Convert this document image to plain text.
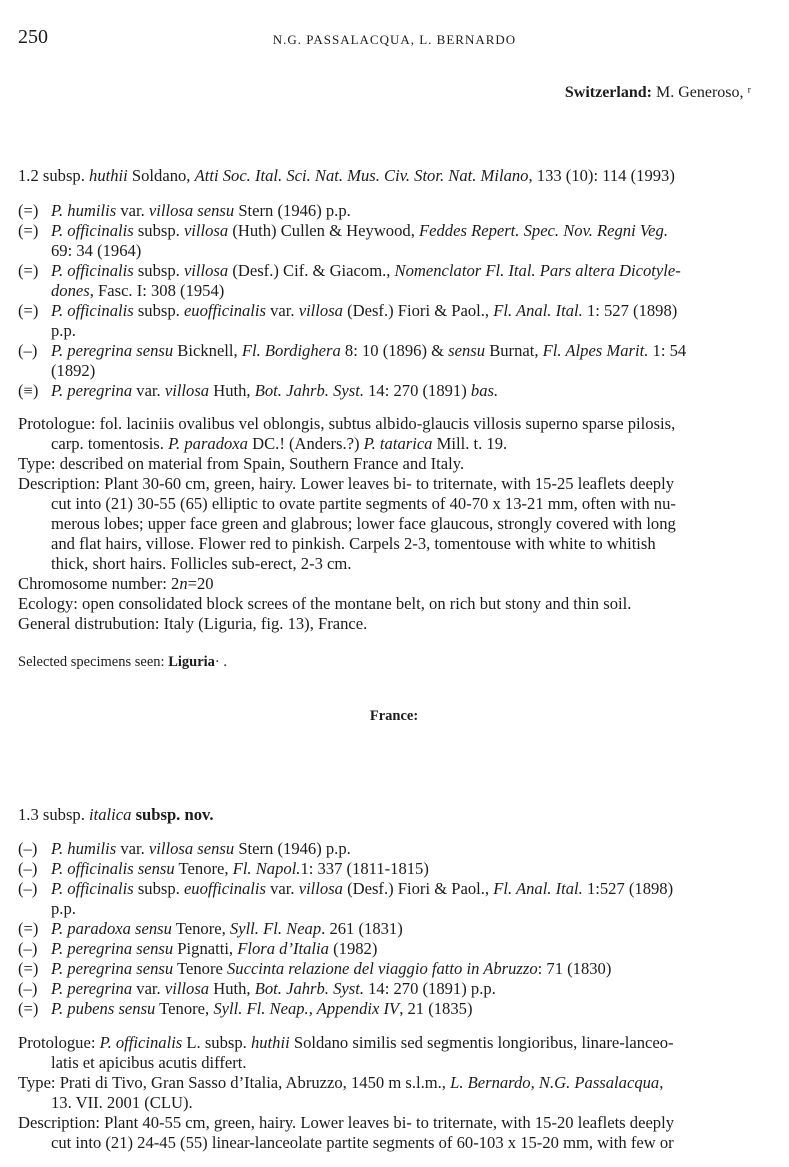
250	N.G. PASSALACQUA, L. BERNARDO
Switzerland: M. Generoso, ʳ
1.2 subsp. huthii Soldano, Atti Soc. Ital. Sci. Nat. Mus. Civ. Stor. Nat. Milano, 133 (10): 114 (1993)
(=) P. humilis var. villosa sensu Stern (1946) p.p.
(=) P. officinalis subsp. villosa (Huth) Cullen & Heywood, Feddes Repert. Spec. Nov. Regni Veg.
69: 34 (1964)
(=) P. officinalis subsp. villosa (Desf.) Cif. & Giacom., Nomenclator Fl. Ital. Pars altera Dicotyle-
dones, Fasc. I: 308 (1954)
(=) P. officinalis subsp. euofficinalis var. villosa (Desf.) Fiori & Paol., Fl. Anal. Ital. 1: 527 (1898)
p.p.
(–) P. peregrina sensu Bicknell, Fl. Bordighera 8: 10 (1896) & sensu Burnat, Fl. Alpes Marit. 1: 54
(1892)
(≡) P. peregrina var. villosa Huth, Bot. Jahrb. Syst. 14: 270 (1891) bas.
Protologue: fol. laciniis ovalibus vel oblongis, subtus albido-glaucis villosis superno sparse pilosis,
carp. tomentosis. P. paradoxa DC.! (Anders.?) P. tatarica Mill. t. 19.
Type: described on material from Spain, Southern France and Italy.
Description: Plant 30-60 cm, green, hairy. Lower leaves bi- to triternate, with 15-25 leaflets deeply
cut into (21) 30-55 (65) elliptic to ovate partite segments of 40-70 x 13-21 mm, often with nu-
merous lobes; upper face green and glabrous; lower face glaucous, strongly covered with long
and flat hairs, villose. Flower red to pinkish. Carpels 2-3, tomentouse with white to whitish
thick, short hairs. Follicles sub-erect, 2-3 cm.
Chromosome number: 2n=20
Ecology: open consolidated block screes of the montane belt, on rich but stony and thin soil.
General distrubution: Italy (Liguria, fig. 13), France.
Selected specimens seen: Liguria· .
France:
1.3 subsp. italica subsp. nov.
(–) P. humilis var. villosa sensu Stern (1946) p.p.
(–) P. officinalis sensu Tenore, Fl. Napol.1: 337 (1811-1815)
(–) P. officinalis subsp. euofficinalis var. villosa (Desf.) Fiori & Paol., Fl. Anal. Ital. 1:527 (1898)
p.p.
(=) P. paradoxa sensu Tenore, Syll. Fl. Neap. 261 (1831)
(–) P. peregrina sensu Pignatti, Flora d’Italia (1982)
(=) P. peregrina sensu Tenore Succinta relazione del viaggio fatto in Abruzzo: 71 (1830)
(–) P. peregrina var. villosa Huth, Bot. Jahrb. Syst. 14: 270 (1891) p.p.
(=) P. pubens sensu Tenore, Syll. Fl. Neap., Appendix IV, 21 (1835)
Protologue: P. officinalis L. subsp. huthii Soldano similis sed segmentis longioribus, linare-lanceo-
latis et apicibus acutis differt.
Type: Prati di Tivo, Gran Sasso d’Italia, Abruzzo, 1450 m s.l.m., L. Bernardo, N.G. Passalacqua,
13. VII. 2001 (CLU).
Description: Plant 40-55 cm, green, hairy. Lower leaves bi- to triternate, with 15-20 leaflets deeply
cut into (21) 24-45 (55) linear-lanceolate partite segments of 60-103 x 15-20 mm, with few or
